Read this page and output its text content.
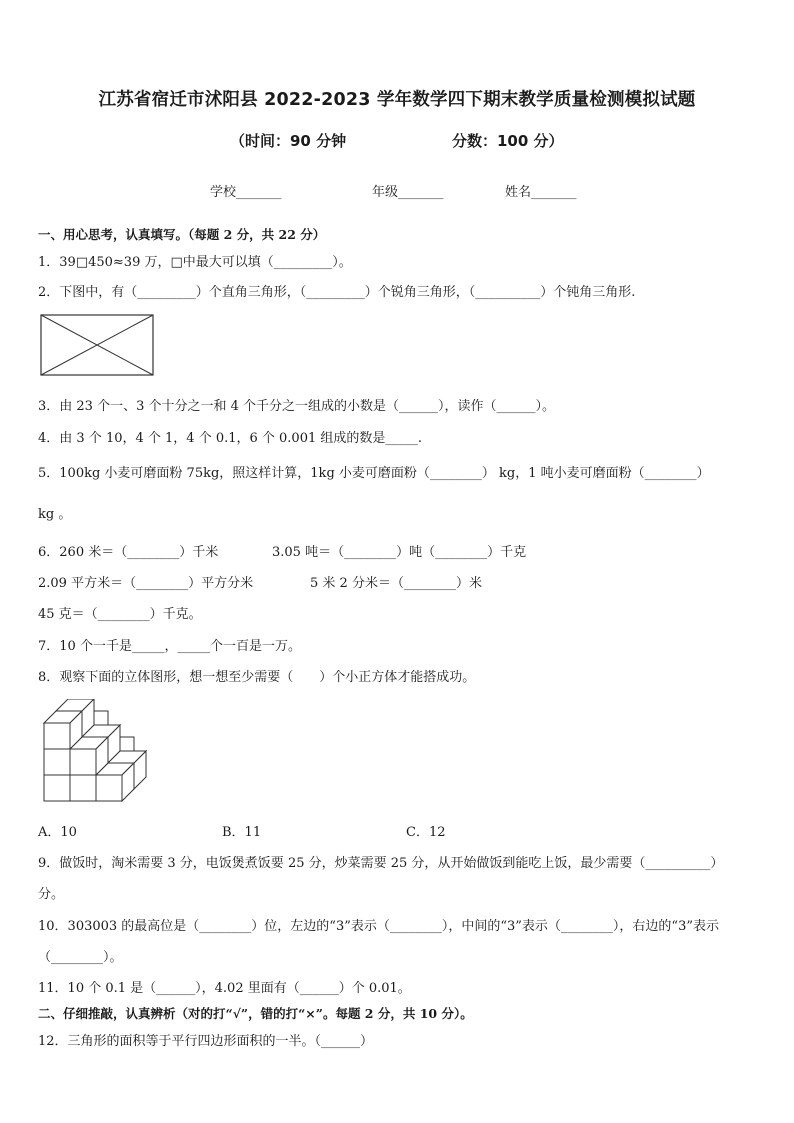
江苏省宿迁市沭阳县 2022-2023 学年数学四下期末教学质量检测模拟试题
（时间：90 分钟	分数：100 分）
学校_______	年级_______	姓名_______
一、用心思考，认真填写。（每题 2 分，共 22 分）
1．39□450≈39 万，□中最大可以填（_________）。
2．下图中，有（_________）个直角三角形，（_________）个锐角三角形，（__________）个钝角三角形.
3．由 23 个一、3 个十分之一和 4 个千分之一组成的小数是（______），读作（______）。
4．由 3 个 10，4 个 1，4 个 0.1，6 个 0.001 组成的数是_____.
5．100kg 小麦可磨面粉 75kg，照这样计算，1kg 小麦可磨面粉（________） kg，1 吨小麦可磨面粉（________）
kg 。
6．260 米＝（________）千米	3.05 吨＝（________）吨（________）千克
2.09 平方米＝（________）平方分米	5 米 2 分米＝（________）米
45 克＝（________）千克。
7．10 个一千是_____，_____个一百是一万。
8．观察下面的立体图形，想一想至少需要（　　）个小正方体才能搭成功。
A．10	B．11	C．12
9．做饭时，淘米需要 3 分，电饭煲煮饭要 25 分，炒菜需要 25 分，从开始做饭到能吃上饭，最少需要（__________）
分。
10．303003 的最高位是（________）位，左边的“3”表示（________），中间的“3”表示（________），右边的“3”表示
（________）。
11．10 个 0.1 是（______），4.02 里面有（______）个 0.01。
二、仔细推敲，认真辨析（对的打“√”，错的打“×”。每题 2 分，共 10 分）。
12．三角形的面积等于平行四边形面积的一半。（______）
